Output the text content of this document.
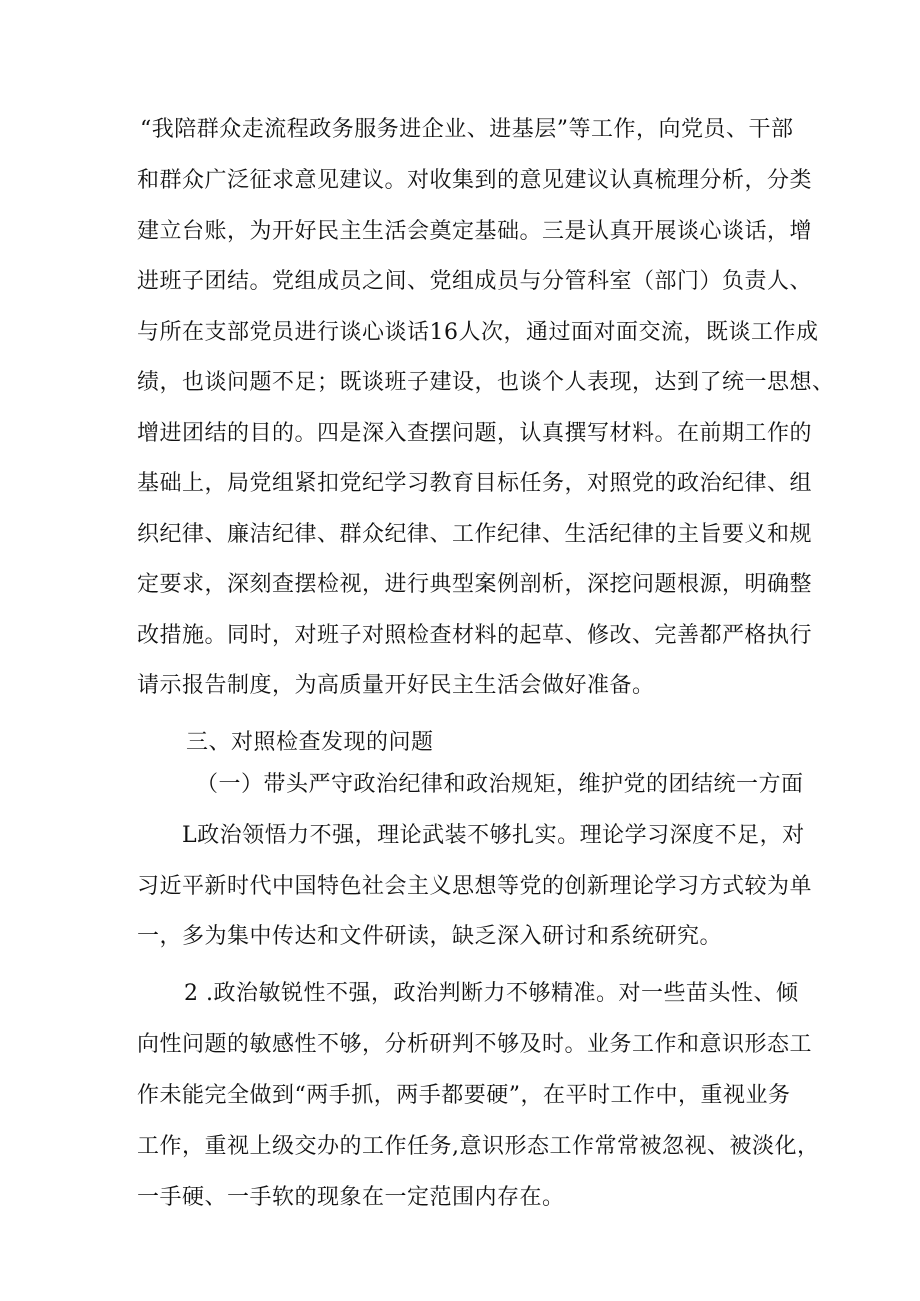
“我陪群众走流程政务服务进企业、进基层”等工作，向党员、干部
和群众广泛征求意见建议。对收集到的意见建议认真梳理分析，分类
建立台账，为开好民主生活会奠定基础。三是认真开展谈心谈话，增
进班子团结。党组成员之间、党组成员与分管科室（部门）负责人、
与所在支部党员进行谈心谈话16人次，通过面对面交流，既谈工作成
绩，也谈问题不足；既谈班子建设，也谈个人表现，达到了统一思想、
增进团结的目的。四是深入查摆问题，认真撰写材料。在前期工作的
基础上，局党组紧扣党纪学习教育目标任务，对照党的政治纪律、组
织纪律、廉洁纪律、群众纪律、工作纪律、生活纪律的主旨要义和规
定要求，深刻查摆检视，进行典型案例剖析，深挖问题根源，明确整
改措施。同时，对班子对照检查材料的起草、修改、完善都严格执行
请示报告制度，为高质量开好民主生活会做好准备。
三、对照检查发现的问题
（一）带头严守政治纪律和政治规矩，维护党的团结统一方面
L政治领悟力不强，理论武装不够扎实。理论学习深度不足，对
习近平新时代中国特色社会主义思想等党的创新理论学习方式较为单
一，多为集中传达和文件研读，缺乏深入研讨和系统研究。
2 .政治敏锐性不强，政治判断力不够精准。对一些苗头性、倾
向性问题的敏感性不够，分析研判不够及时。业务工作和意识形态工
作未能完全做到“两手抓，两手都要硬”，在平时工作中，重视业务
工作，重视上级交办的工作任务,意识形态工作常常被忽视、被淡化，
一手硬、一手软的现象在一定范围内存在。
